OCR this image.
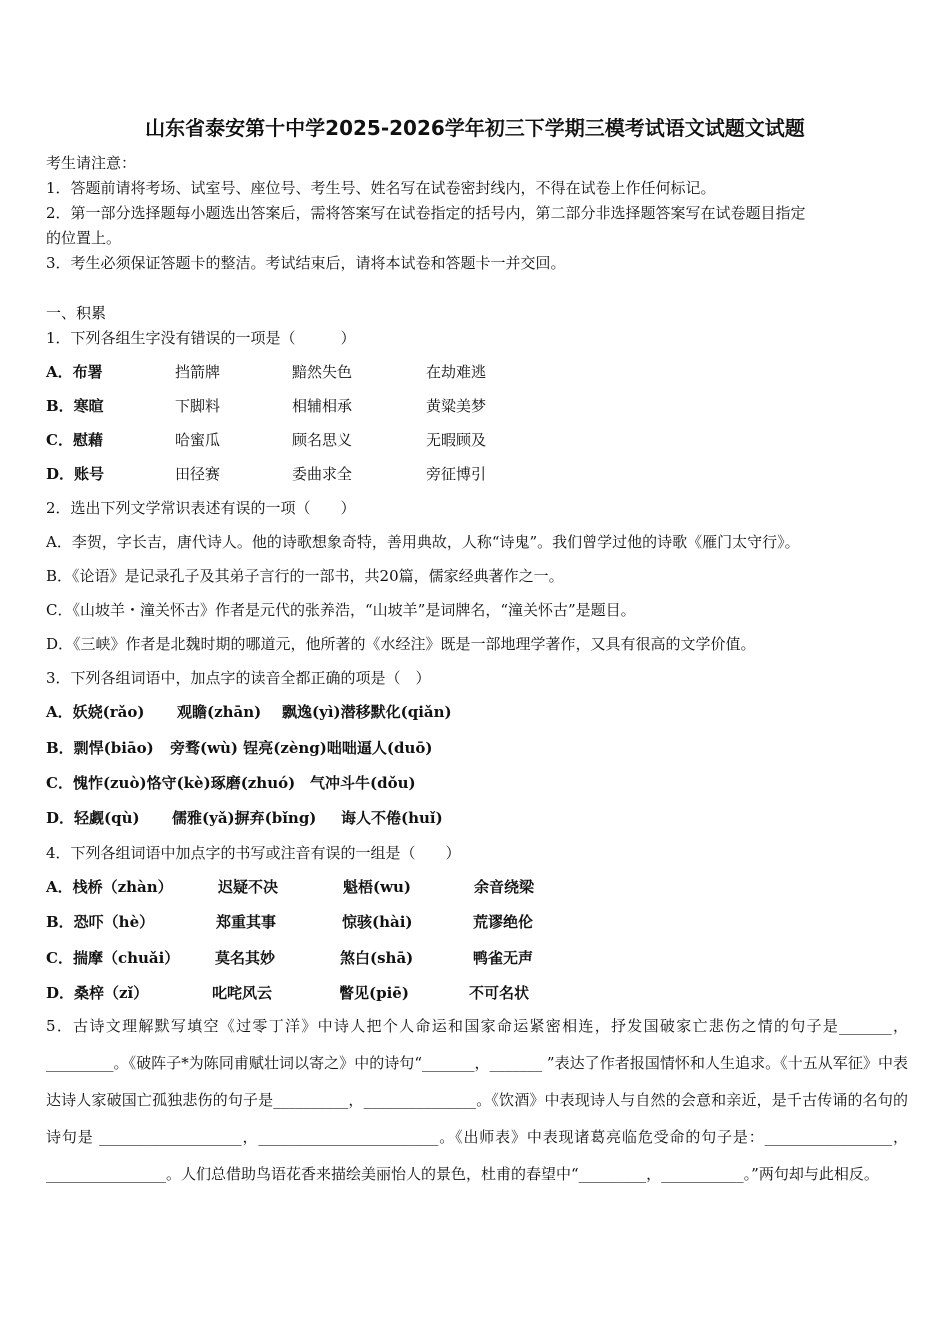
山东省泰安第十中学2025-2026学年初三下学期三模考试语文试题文试题
考生请注意：
1．答题前请将考场、试室号、座位号、考生号、姓名写在试卷密封线内，不得在试卷上作任何标记。
2．第一部分选择题每小题选出答案后，需将答案写在试卷指定的括号内，第二部分非选择题答案写在试卷题目指定
的位置上。
3．考生必须保证答题卡的整洁。考试结束后，请将本试卷和答题卡一并交回。
一、积累
1．下列各组生字没有错误的一项是（　　　）
A．布署	挡箭牌	黯然失色	在劫难逃
B．寒暄	下脚料	相辅相承	黄粱美梦
C．慰藉	哈蜜瓜	顾名思义	无暇顾及
D．账号	田径赛	委曲求全	旁征博引
2．选出下列文学常识表述有误的一项（　　）
A．李贺，字长吉，唐代诗人。他的诗歌想象奇特，善用典故，人称“诗鬼”。我们曾学过他的诗歌《雁门太守行》。
B．《论语》是记录孔子及其弟子言行的一部书，共20篇，儒家经典著作之一。
C．《山坡羊・潼关怀古》作者是元代的张养浩，“山坡羊”是词牌名，“潼关怀古”是题目。
D．《三峡》作者是北魏时期的哪道元，他所著的《水经注》既是一部地理学著作，又具有很高的文学价值。
3．下列各组词语中，加点字的读音全都正确的项是（　）
A．妖娆(rǎo) 观瞻(zhān) 飘逸(yì)潜移默化(qiǎn)
B．剽悍(biāo) 旁骛(wù) 锃亮(zèng)咄咄逼人(duō)
C．愧怍(zuò)恪守(kè)琢磨(zhuó) 气冲斗牛(dǒu)
D．轻觑(qù) 儒雅(yǎ)摒弃(bǐng) 诲人不倦(huǐ)
4．下列各组词语中加点字的书写或注音有误的一组是（　　）
A．栈桥（zhàn）	迟疑不决	魁梧(wu)	余音绕梁
B．恐吓（hè）	郑重其事	惊骇(hài)	荒谬绝伦
C．揣摩（chuǎi） 莫名其妙	煞白(shā)	鸭雀无声
D．桑梓（zǐ）	叱咤风云	瞥见(piē)	不可名状
5．古诗文理解默写填空《过零丁洋》中诗人把个人命运和国家命运紧密相连，抒发国破家亡悲伤之情的句子是_______，_________。《破阵子*为陈同甫赋壮词以寄之》中的诗句“_______，_______ ”表达了作者报国情怀和人生追求。《十五从军征》中表达诗人家破国亡孤独悲伤的句子是__________，_______________。《饮酒》中表现诗人与自然的会意和亲近，是千古传诵的名句的诗句是 ___________________，________________________。《出师表》中表现诸葛亮临危受命的句子是：_________________，________________。人们总借助鸟语花香来描绘美丽怡人的景色，杜甫的春望中“_________，___________。”两句却与此相反。
